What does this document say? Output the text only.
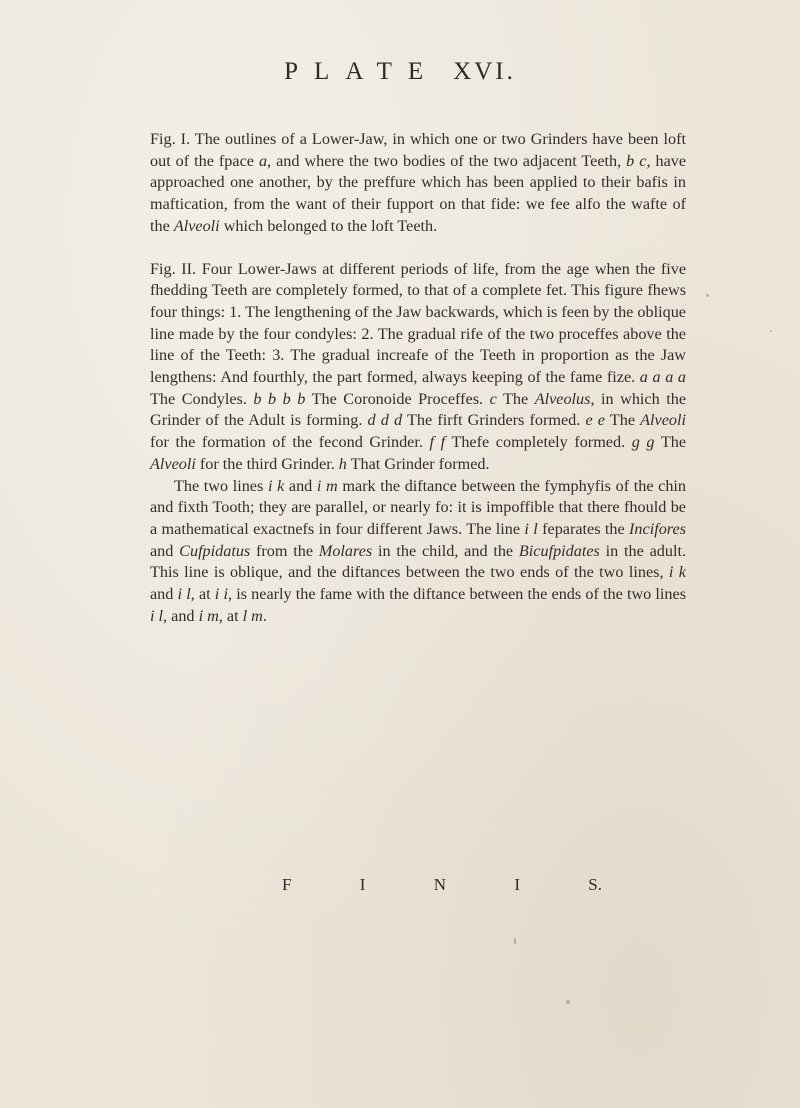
PLATE XVI.

Fig. I. The outlines of a Lower-Jaw, in which one or two Grinders have been loft out of the fpace a, and where the two bodies of the two adjacent Teeth, b c, have approached one another, by the preffure which has been applied to their bafis in maftication, from the want of their fupport on that fide: we fee alfo the wafte of the Alveoli which belonged to the loft Teeth.

Fig. II. Four Lower-Jaws at different periods of life, from the age when the five fhedding Teeth are completely formed, to that of a complete fet. This figure fhews four things: 1. The lengthening of the Jaw backwards, which is feen by the oblique line made by the four condyles: 2. The gradual rife of the two proceffes above the line of the Teeth: 3. The gradual increafe of the Teeth in proportion as the Jaw lengthens: And fourthly, the part formed, always keeping of the fame fize. a a a a The Condyles. b b b b The Coronoide Proceffes. c The Alveolus, in which the Grinder of the Adult is forming. d d d The firft Grinders formed. e e The Alveoli for the formation of the fecond Grinder. f f Thefe completely formed. g g The Alveoli for the third Grinder. h That Grinder formed.

The two lines i k and i m mark the diftance between the fymphyfis of the chin and fixth Tooth; they are parallel, or nearly fo: it is impoffible that there fhould be a mathematical exactnefs in four different Jaws. The line i l feparates the Incifores and Cufpidatus from the Molares in the child, and the Bicufpidates in the adult. This line is oblique, and the diftances between the two ends of the two lines, i k and i l, at i i, is nearly the fame with the diftance between the ends of the two lines i l, and i m, at l m.

F	I	N	I	S.
